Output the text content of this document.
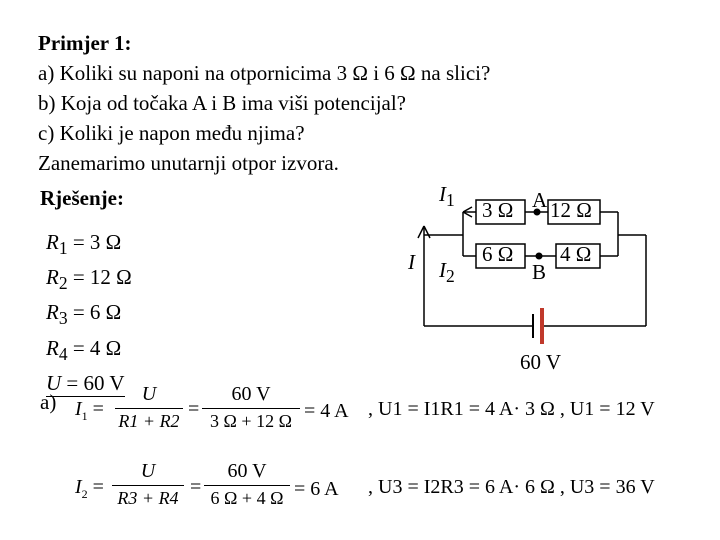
Primjer 1:
a) Koliki su naponi na otpornicima 3 Ω i 6 Ω na slici?
b) Koja od točaka A i B ima viši potencijal?
c) Koliki je napon među njima?
Zanemarimo unutarnji otpor izvora.
Rješenje:
$R_1 = 3$ Ω
$R_2 = 12$ Ω
$R_3 = 6$ Ω
$R_4 = 4$ Ω
U = 60 V
$I_1$
I $I_2$
3 Ω A 12 Ω
6 Ω 4 Ω
B
60 V
a) $I_1$ =
U
R1 + R2
=
60 V
3 Ω + 12 Ω = 4 A , U1 = I1R1 = 4 A· 3 Ω , U1 = 12 V
$I_2$ =
U
R3 + R4 =
60 V
6 Ω + 4 Ω = 6 A , U3 = I2R3 = 6 A· 6 Ω , U3 = 36 V
